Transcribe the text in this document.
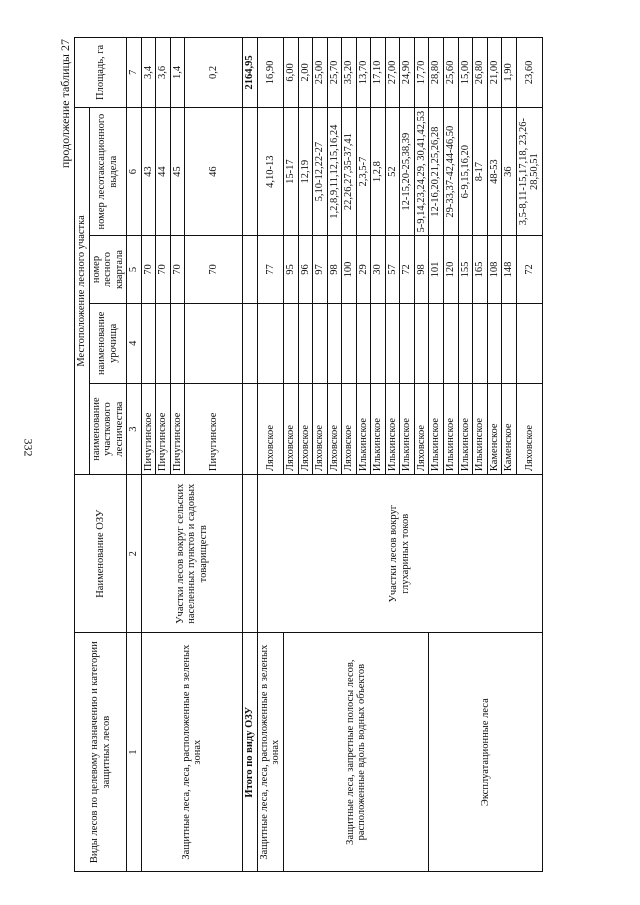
332
продолжение таблицы 27
Виды лесов по целевому назначению и категории защитных лесов	Наименование ОЗУ	Местоположение лесного участка				Площадь, га
		наименование участкового лесничества	наименование урочища	номер лесного квартала	номер лесотаксационного выдела	
1	2	3	4	5	6	7
Защитные леса, леса, расположенные в зеленых зонах	Участки лесов вокруг сельских населенных пунктов и садовых товариществ	Пичугинское		70	43	3,4
		Пичугинское		70	44	3,6
		Пичугинское		70	45	1,4
		Пичугинское		70	46	0,2
Итого по виду ОЗУ						2164,95
Защитные леса, леса, расположенные в зеленых зонах	Участки лесов вокруг глухариных токов	Ляховское		77	4,10-13	16,90
Защитные леса, запретные полосы лесов, расположенные вдоль водных объектов		Ляховское		95	15-17	6,00
		Ляховское		96	12,19	2,00
		Ляховское		97	5,10-12,22-27	25,00
		Ляховское		98	1,2,8,9,11,12,15,16,24	25,70
		Ляховское		100	22,26,27,35-37,41	35,20
		Илькинское		29	2,3,5-7	13,70
		Илькинское		30	1,2,8	17,10
		Илькинское		57	52	27,00
		Илькинское		72	12-15,20-25,38,39	24,90
		Ляховское		98	5-9,14,23,24,29, 30,41,42,53	17,70
Эксплуатационные леса		Илькинское		101	12-16,20,21,25,26,28	28,80
		Илькинское		120	29-33,37-42,44-46,50	25,60
		Илькинское		155	6-9,15,16,20	15,00
		Илькинское		165	8-17	26,80
		Каменское		108	48-53	21,00
		Каменское		148	36	1,90
		Ляховское		72	3,5-8,11-15,17,18, 23,26-28,50,51	23,60
